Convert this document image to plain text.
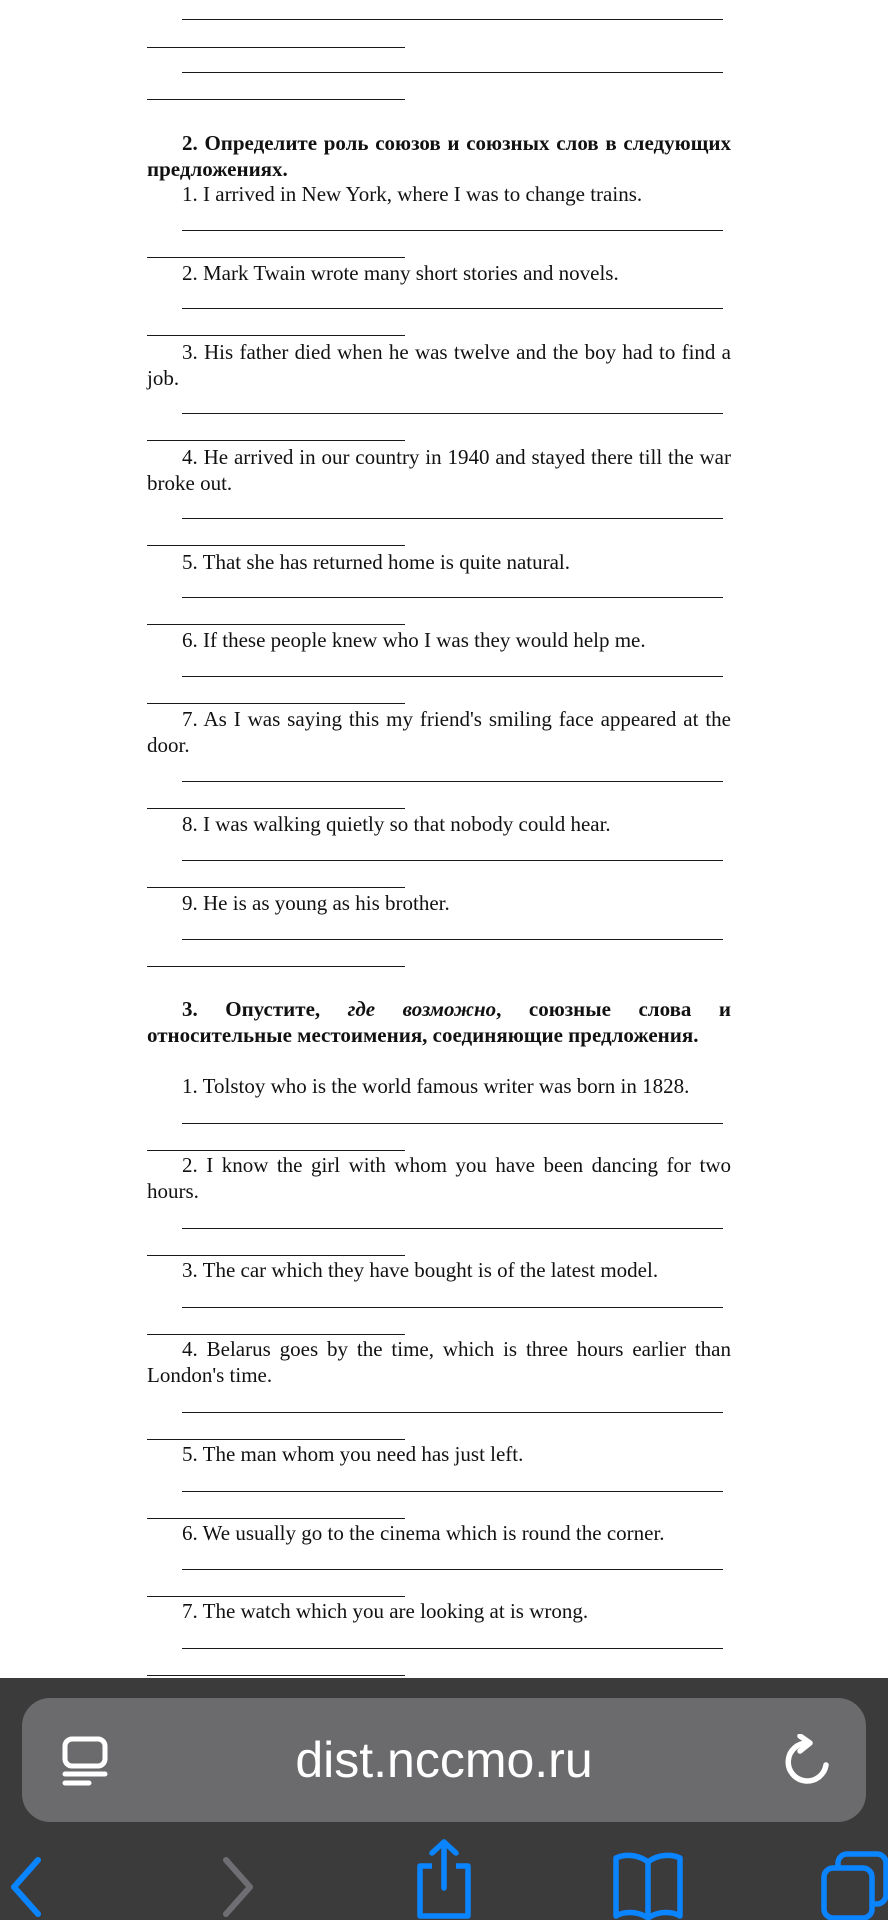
2. Определите роль союзов и союзных слов в следующих предложениях.

1. I arrived in New York, where I was to change trains.

2. Mark Twain wrote many short stories and novels.

3. His father died when he was twelve and the boy had to find a job.

4. He arrived in our country in 1940 and stayed there till the war broke out.

5. That she has returned home is quite natural.

6. If these people knew who I was they would help me.

7. As I was saying this my friend's smiling face appeared at the door.

8. I was walking quietly so that nobody could hear.

9. He is as young as his brother.

3. Опустите, где возможно, союзные слова и относительные местоимения, соединяющие предложения.

1. Tolstoy who is the world famous writer was born in 1828.

2. I know the girl with whom you have been dancing for two hours.

3. The car which they have bought is of the latest model.

4. Belarus goes by the time, which is three hours earlier than London's time.

5. The man whom you need has just left.

6. We usually go to the cinema which is round the corner.

7. The watch which you are looking at is wrong.

dist.nccmo.ru
